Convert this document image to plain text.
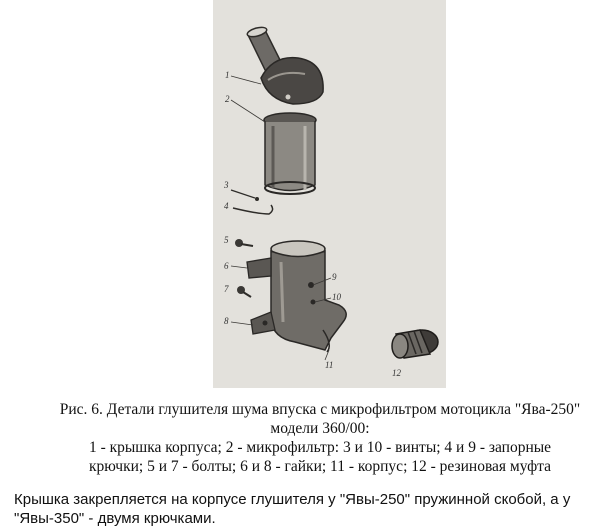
1
2
3
4
5
6
7
8
9
10
11
12

Рис. 6. Детали глушителя шума впуска с микрофильтром мотоцикла "Ява-250"

модели 360/00:

1 - крышка корпуса; 2 - микрофильтр: 3 и 10 - винты; 4 и 9 - запорные

крючки; 5 и 7 - болты; 6 и 8 - гайки; 11 - корпус; 12 - резиновая муфта

Крышка закрепляется на корпусе глушителя у "Явы-250" пружинной скобой, а у

"Явы-350" - двумя крючками.
